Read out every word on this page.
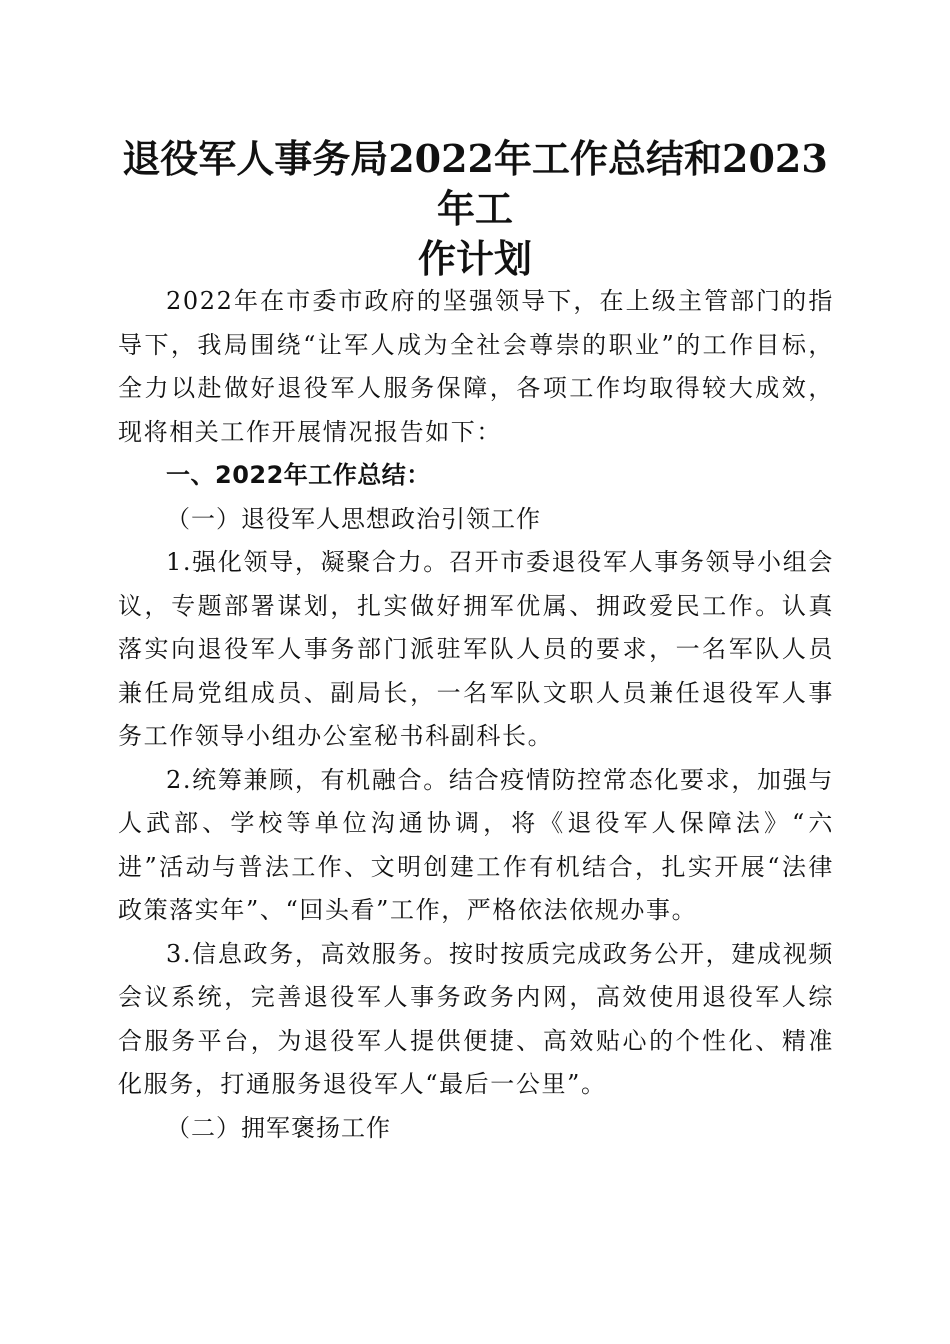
退役军人事务局2022年工作总结和2023年工
作计划

2022年在市委市政府的坚强领导下，在上级主管部门的指导下，我局围绕“让军人成为全社会尊崇的职业”的工作目标，全力以赴做好退役军人服务保障，各项工作均取得较大成效，现将相关工作开展情况报告如下：

一、2022年工作总结：

（一）退役军人思想政治引领工作

1.强化领导，凝聚合力。召开市委退役军人事务领导小组会议，专题部署谋划，扎实做好拥军优属、拥政爱民工作。认真落实向退役军人事务部门派驻军队人员的要求，一名军队人员兼任局党组成员、副局长，一名军队文职人员兼任退役军人事务工作领导小组办公室秘书科副科长。

2.统筹兼顾，有机融合。结合疫情防控常态化要求，加强与人武部、学校等单位沟通协调，将《退役军人保障法》“六进”活动与普法工作、文明创建工作有机结合，扎实开展“法律政策落实年”、“回头看”工作，严格依法依规办事。

3.信息政务，高效服务。按时按质完成政务公开，建成视频会议系统，完善退役军人事务政务内网，高效使用退役军人综合服务平台，为退役军人提供便捷、高效贴心的个性化、精准化服务，打通服务退役军人“最后一公里”。

（二）拥军褒扬工作
